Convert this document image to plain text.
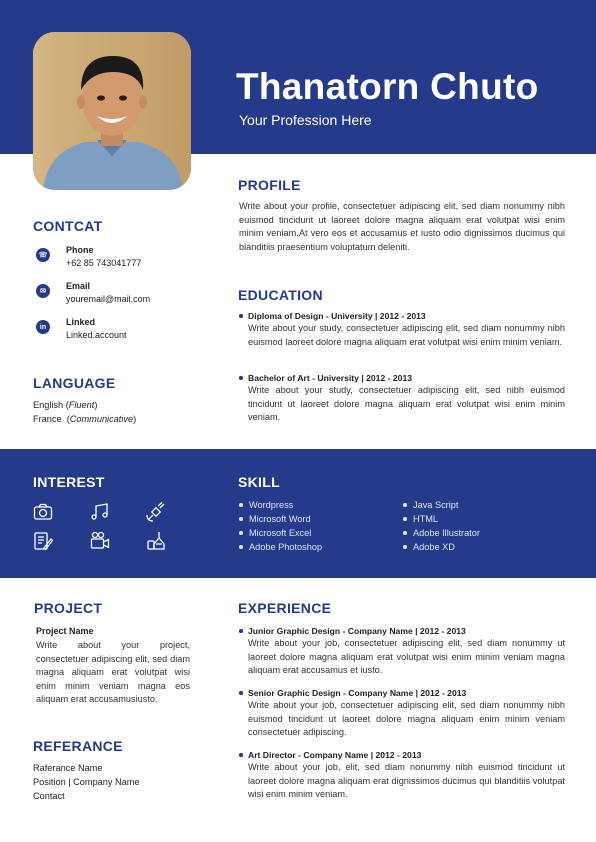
Thanatorn Chuto
Your Profession Here
CONTCAT
☏
Phone
+62 85 743041777
✉
Email
youremail@mail.com
in	Linked
Linked.account
LANGUAGE
English (Fluent)
France  (Communicative)
PROFILE
Write about your profile, consectetuer adipiscing elit, sed diam nonummy nibh euismod tincidunt ut laoreet dolore magna aliquam erat volutpat wisi enim minim veniam.At vero eos et accusamus et iusto odio dignissimos ducimus qui blanditiis praesentium voluptatum deleniti.
EDUCATION
Diploma of Design - University | 2012 - 2013
Write about your study, consectetuer adipiscing elit, sed diam nonummy nibh euismod laoreet dolore magna aliquam erat volutpat wisi enim minim veniam.
Bachelor of Art - University | 2012 - 2013
Write about your study, consectetuer adipiscing elit, sed nibh euismod tincidunt ut laoreet dolore magna aliquam erat volutpat wisi enim minim veniam.
INTEREST	SKILL
Wordpress
Microsoft Word
Microsoft Excel
Adobe Photoshop
Java Script
HTML
Adobe Illustrator
Adobe XD
PROJECT
Project Name
Write about your project, consectetuer adipiscing elit, sed diam magna aliquam erat volutpat wisi enim minim veniam magna eos aliquam erat accusamusiusto.
REFERANCE
Raferance Name
Position | Company Name
Contact
EXPERIENCE
Junior Graphic Design - Company Name | 2012 - 2013
Write about your job, consectetuer adipiscing elit, sed diam nonummy ut laoreet dolore magna aliquam erat volutpat wisi enim minim veniam magna aliquam erat accusamus et iusto.
Senior Graphic Design - Company Name | 2012 - 2013
Write about your job, consectetuer adipiscing elit, sed diam nonummy nibh euismod tincidunt ut laoreet dolore magna aliquam enim minim veniam consectetuer adipiscing.
Art Director - Company Name | 2012 - 2013
Write about your job, elit, sed diam nonummy nibh euismod tincidunt ut laoreet dolore magna aliquam erat dignissimos ducimus qui blanditiis volutpat wisi enim minim veniam.
